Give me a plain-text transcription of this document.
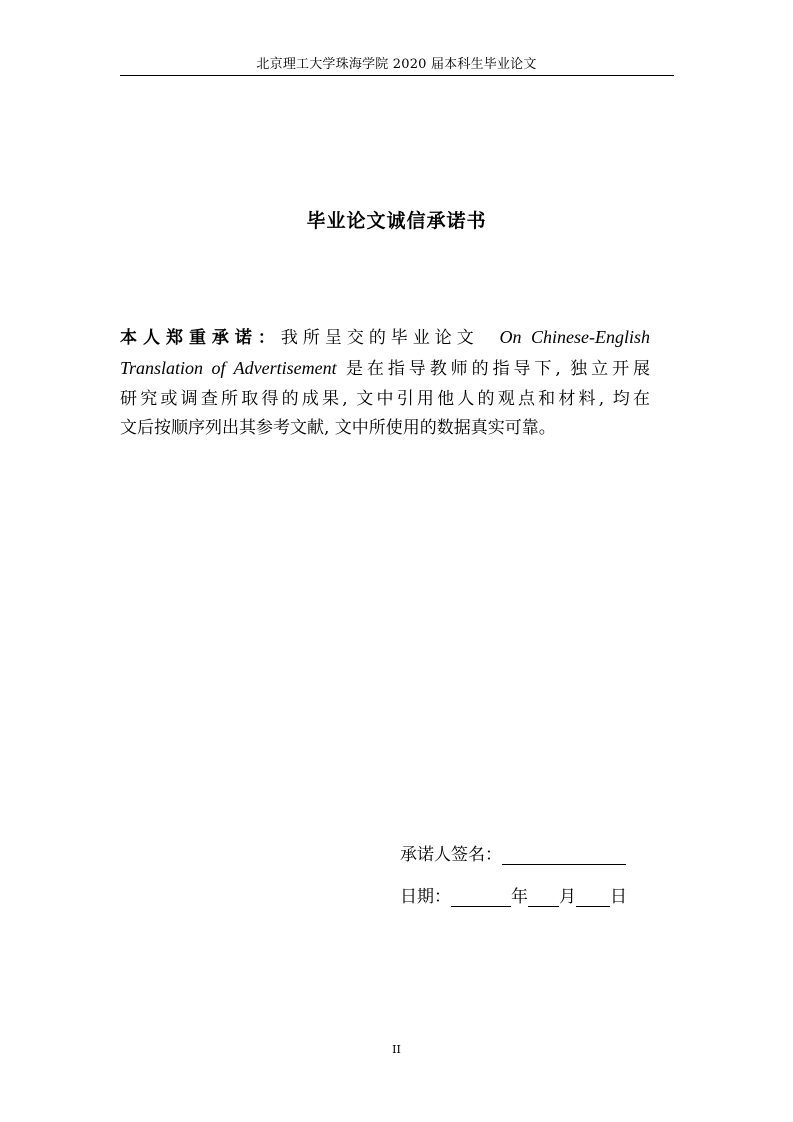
北京理工大学珠海学院 2020 届本科生毕业论文
毕业论文诚信承诺书
本人郑重承诺：我所呈交的毕业论文 On Chinese-English
Translation of Advertisement 是在指导教师的指导下, 独立开展
研究或调查所取得的成果, 文中引用他人的观点和材料, 均在
文后按顺序列出其参考文献, 文中所使用的数据真实可靠。
承诺人签名：
日期：	年 月 日
II
